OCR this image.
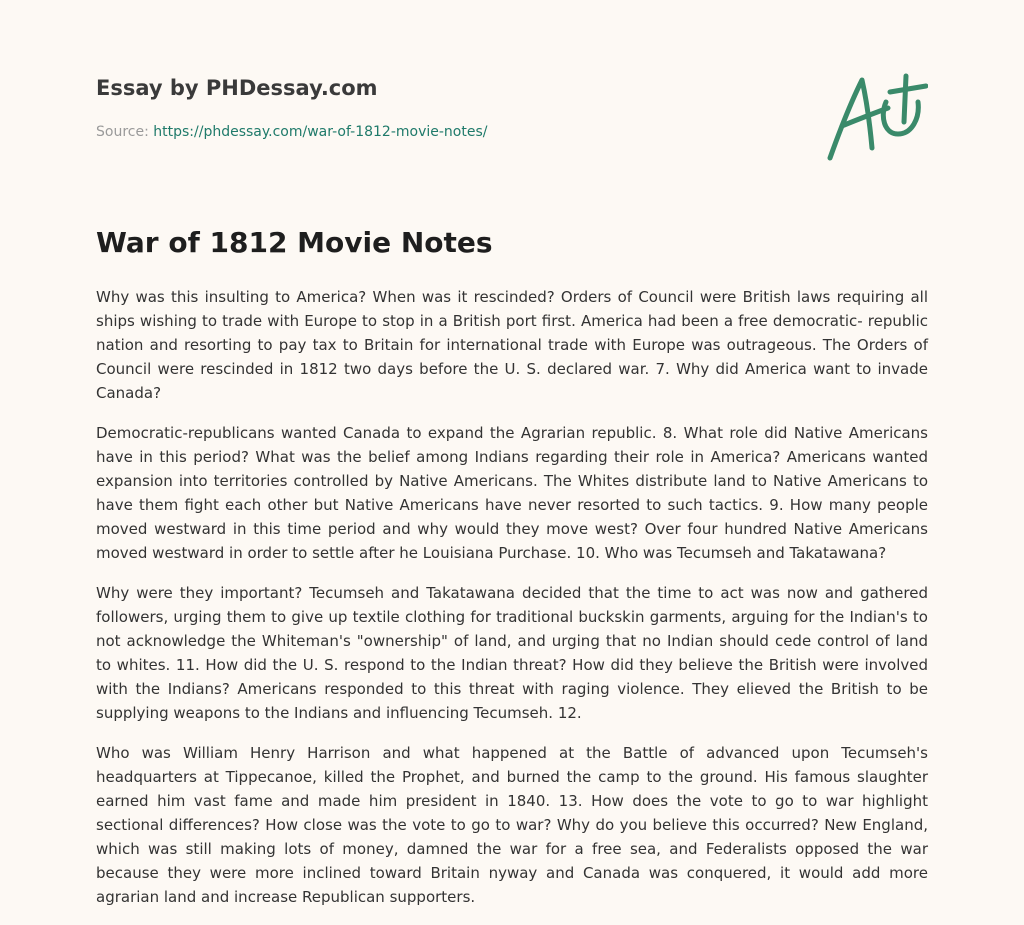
Essay by PHDessay.com
Source: https://phdessay.com/war-of-1812-movie-notes/
War of 1812 Movie Notes

Why was this insulting to America? When was it rescinded? Orders of Council were British laws requiring all ships wishing to trade with Europe to stop in a British port first. America had been a free democratic- republic nation and resorting to pay tax to Britain for international trade with Europe was outrageous. The Orders of Council were rescinded in 1812 two days before the U. S. declared war. 7. Why did America want to invade Canada?

Democratic-republicans wanted Canada to expand the Agrarian republic. 8. What role did Native Americans have in this period? What was the belief among Indians regarding their role in America? Americans wanted expansion into territories controlled by Native Americans. The Whites distribute land to Native Americans to have them fight each other but Native Americans have never resorted to such tactics. 9. How many people moved westward in this time period and why would they move west? Over four hundred Native Americans moved westward in order to settle after he Louisiana Purchase. 10. Who was Tecumseh and Takatawana?

Why were they important? Tecumseh and Takatawana decided that the time to act was now and gathered followers, urging them to give up textile clothing for traditional buckskin garments, arguing for the Indian's to not acknowledge the Whiteman's "ownership" of land, and urging that no Indian should cede control of land to whites. 11. How did the U. S. respond to the Indian threat? How did they believe the British were involved with the Indians? Americans responded to this threat with raging violence. They elieved the British to be supplying weapons to the Indians and influencing Tecumseh. 12.

Who was William Henry Harrison and what happened at the Battle of advanced upon Tecumseh's headquarters at Tippecanoe, killed the Prophet, and burned the camp to the ground. His famous slaughter earned him vast fame and made him president in 1840. 13. How does the vote to go to war highlight sectional differences? How close was the vote to go to war? Why do you believe this occurred? New England, which was still making lots of money, damned the war for a free sea, and Federalists opposed the war because they were more inclined toward Britain nyway and Canada was conquered, it would add more agrarian land and increase Republican supporters.
